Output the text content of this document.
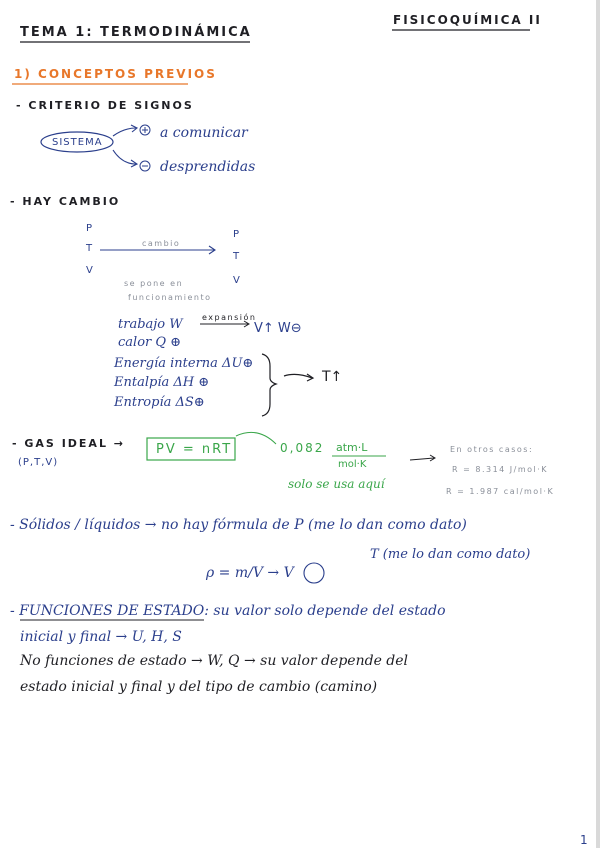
TEMA 1: TERMODINÁMICA
FISICOQUÍMICA II
1) CONCEPTOS PREVIOS
- CRITERIO DE SIGNOS
SISTEMA
a comunicar
desprendidas
- HAY CAMBIO
P
T
V
P
T
V
cambio
se pone en
funcionamiento
trabajo W expansión
V↑ W⊖
calor Q ⊕
Energía interna ΔU⊕
Entalpía ΔH ⊕
Entropía ΔS⊕
T↑
- GAS IDEAL →
(P,T,V)
PV = nRT	0,082 atm·L
mol·K
solo se usa aquí
En otros casos:
R = 8.314 J/mol·K
R = 1.987 cal/mol·K
- Sólidos / líquidos → no hay fórmula de P (me lo dan como dato)
T (me lo dan como dato)
ρ = m/V → V
- FUNCIONES DE ESTADO: su valor solo depende del estado
inicial y final → U, H, S
No funciones de estado → W, Q → su valor depende del
estado inicial y final y del tipo de cambio (camino)
1
